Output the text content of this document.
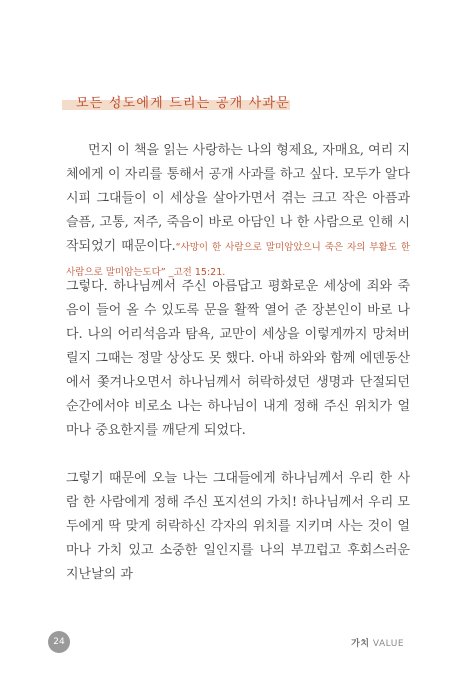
모든 성도에게 드리는 공개 사과문

먼지 이 책을 읽는 사랑하는 나의 형제요, 자매요, 여리 지체에게 이 자리를 통해서 공개 사과를 하고 싶다. 모두가 알다시피 그대들이 이 세상을 살아가면서 겪는 크고 작은 아픔과 슬픔, 고통, 저주, 죽음이 바로 아담인 나 한 사람으로 인해 시작되었기 때문이다.“사망이 한 사람으로 말미암았으니 죽은 자의 부활도 한 사람으로 말미암는도다” _고전 15:21.

그렇다. 하나님께서 주신 아름답고 평화로운 세상에 죄와 죽음이 들어 올 수 있도록 문을 활짝 열어 준 장본인이 바로 나다. 나의 어리석음과 탐욕, 교만이 세상을 이렇게까지 망쳐버릴지 그때는 정말 상상도 못 했다. 아내 하와와 함께 에덴동산에서 쫓겨나오면서 하나님께서 허락하셨던 생명과 단절되던 순간에서야 비로소 나는 하나님이 내게 정해 주신 위치가 얼마나 중요한지를 깨닫게 되었다.

그렇기 때문에 오늘 나는 그대들에게 하나님께서 우리 한 사람 한 사람에게 정해 주신 포지션의 가치! 하나님께서 우리 모두에게 딱 맞게 허락하신 각자의 위치를 지키며 사는 것이 얼마나 가치 있고 소중한 일인지를 나의 부끄럽고 후회스러운 지난날의 과

24	가치 VALUE
